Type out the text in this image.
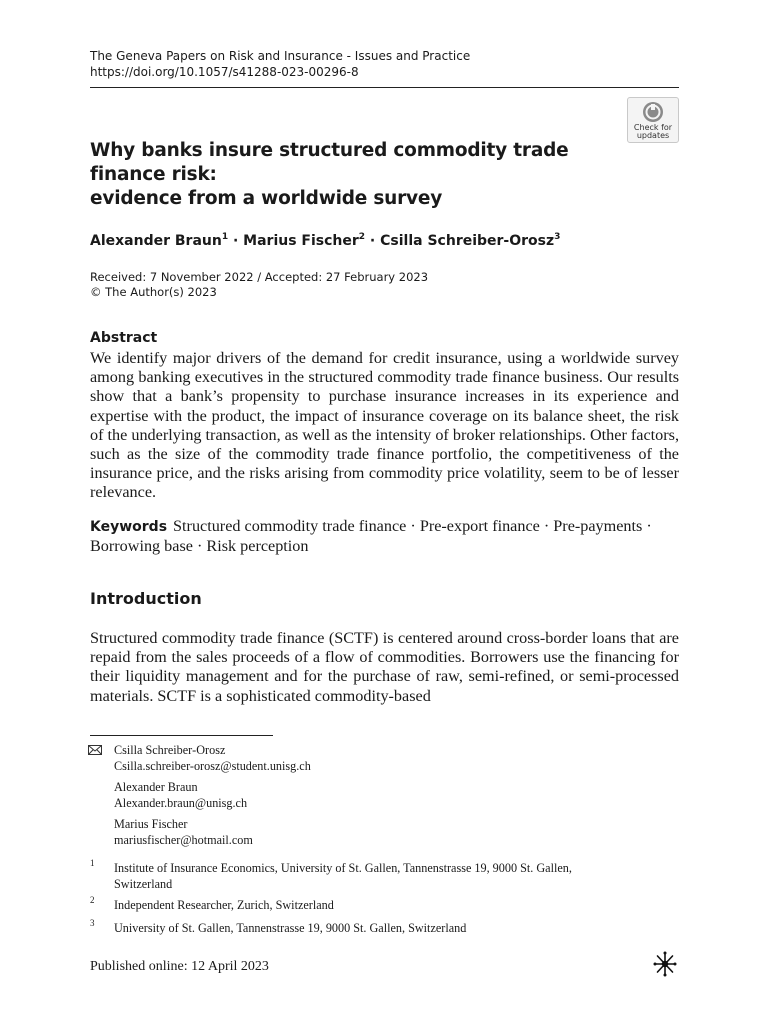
The Geneva Papers on Risk and Insurance - Issues and Practice
https://doi.org/10.1057/s41288-023-00296-8
Check for
updates
Why banks insure structured commodity trade finance risk:
evidence from a worldwide survey
Alexander Braun$^1$ · Marius Fischer$^2$ · Csilla Schreiber‑Orosz$^3$
Received: 7 November 2022 / Accepted: 27 February 2023
© The Author(s) 2023
Abstract

We identify major drivers of the demand for credit insurance, using a worldwide survey among banking executives in the structured commodity trade finance business. Our results show that a bank’s propensity to purchase insurance increases in its experience and expertise with the product, the impact of insurance coverage on its balance sheet, the risk of the underlying transaction, as well as the intensity of broker relationships. Other factors, such as the size of the commodity trade finance portfolio, the competitiveness of the insurance price, and the risks arising from commodity price volatility, seem to be of lesser relevance.

Keywords Structured commodity trade finance · Pre-export finance · Pre-payments · Borrowing base · Risk perception
Introduction

Structured commodity trade finance (SCTF) is centered around cross-border loans that are repaid from the sales proceeds of a flow of commodities. Borrowers use the financing for their liquidity management and for the purchase of raw, semi-refined, or semi-processed materials. SCTF is a sophisticated commodity-based

Csilla Schreiber‑Orosz
Csilla.schreiber-orosz@student.unisg.ch
Alexander Braun
Alexander.braun@unisg.ch
Marius Fischer
mariusfischer@hotmail.com
1 Institute of Insurance Economics, University of St. Gallen, Tannenstrasse 19, 9000 St. Gallen,
Switzerland
2 Independent Researcher, Zurich, Switzerland
3 University of St. Gallen, Tannenstrasse 19, 9000 St. Gallen, Switzerland
Published online: 12 April 2023
